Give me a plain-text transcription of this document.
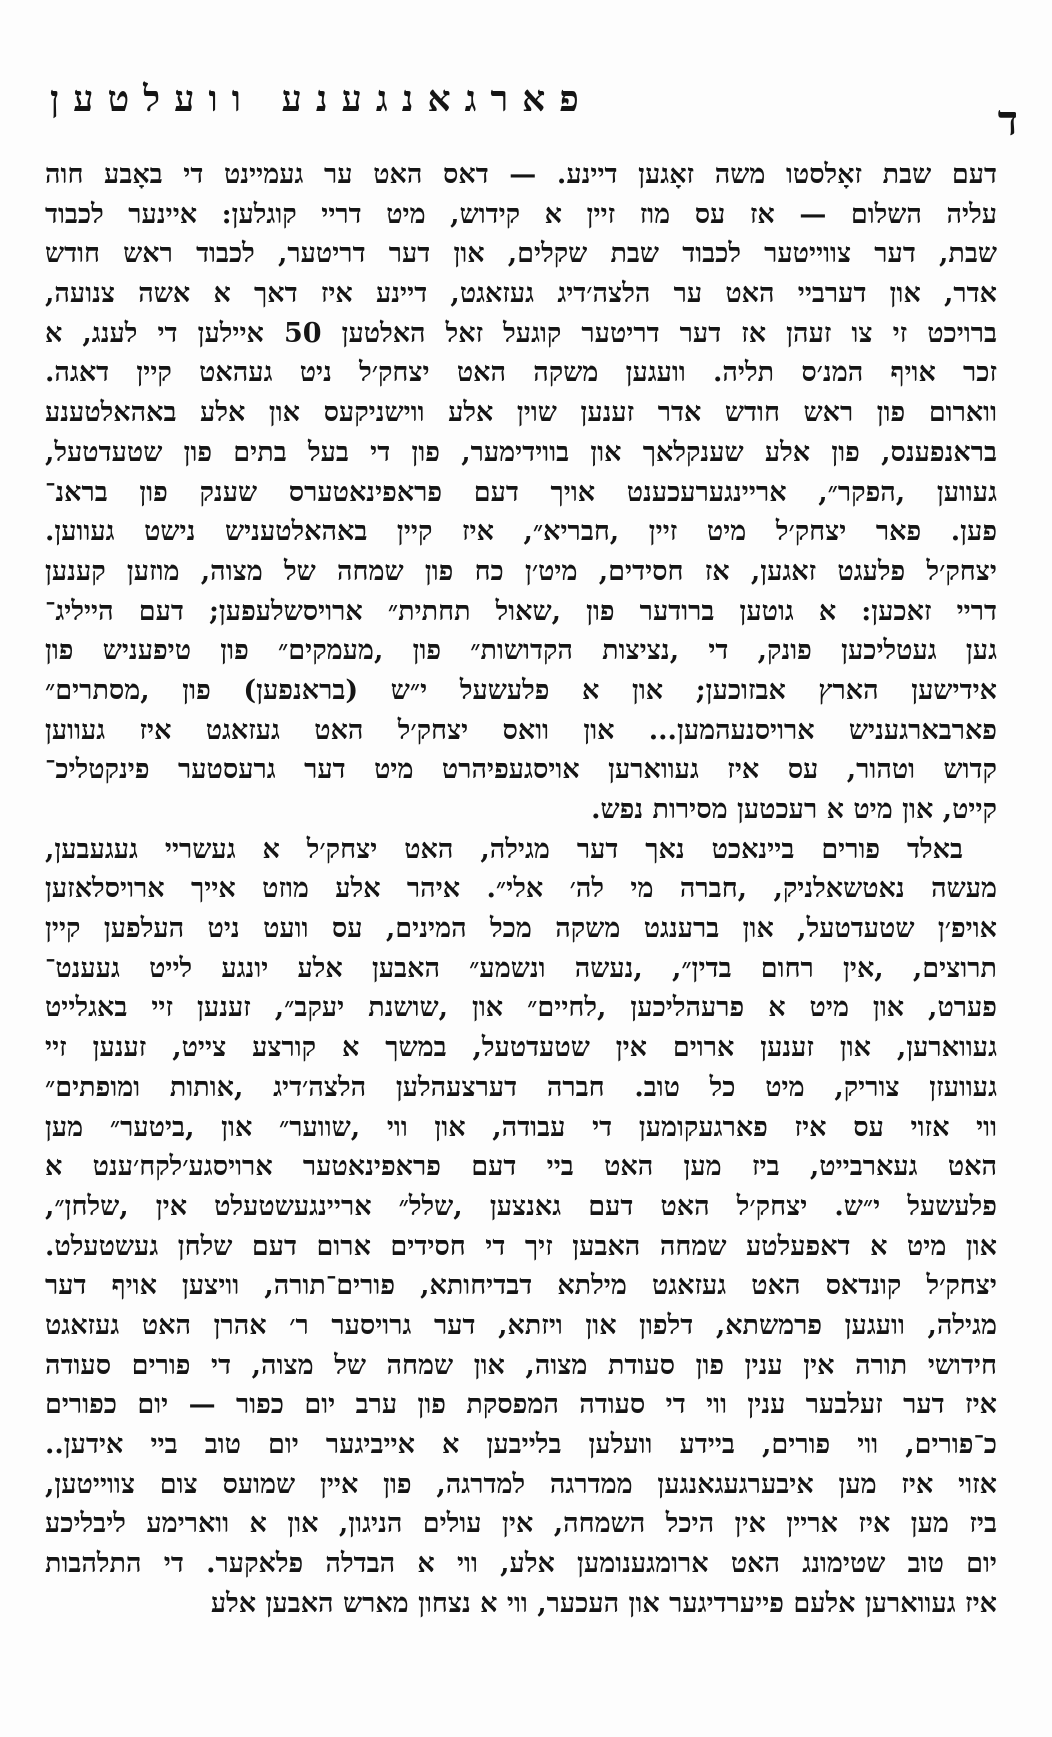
ד
פארגאנגענע וועלטען
דעם שבת זאָלסטו משה זאָגען דיינע. — דאס האט ער געמיינט די באָבע חוה
עליה השלום — אז עס מוז זיין א קידוש, מיט דריי קוגלען: איינער לכבוד
שבת, דער צווייטער לכבוד שבת שקלים, און דער דריטער, לכבוד ראש חודש
אדר, און דערביי האט ער הלצה׳דיג געזאגט, דיינע איז דאך א אשה צנועה,
ברויכט זי צו זעהן אז דער דריטער קוגעל זאל האלטען 50 איילען די לענג, א
זכר אויף המנ׳ס תליה. וועגען משקה האט יצחק׳ל ניט געהאט קיין דאגה.
ווארום פון ראש חודש אדר זענען שוין אלע ווישניקעס און אלע באהאלטענע
בראנפענס, פון אלע שענקלאך און בווידימער, פון די בעל בתים פון שטעדטעל,
געווען ,הפקר״, אריינגערעכענט אויך דעם פראפינאטערס שענק פון בראנ־
פען. פאר יצחק׳ל מיט זיין ,חבריא״, איז קיין באהאלטעניש נישט געווען.
יצחק׳ל פלעגט זאגען, אז חסידים, מיט׳ן כח פון שמחה של מצוה, מוזען קענען
דריי זאכען: א גוטען ברודער פון ,שאול תחתית״ ארויסשלעפען; דעם הייליג־
גען געטליכען פונק, די ,נציצות הקדושות״ פון ,מעמקים״ פון טיפעניש פון
אידישען הארץ אבזוכען; און א פלעשעל י״ש (בראנפען) פון ,מסתרים״
פארבארגעניש ארויסנעהמען... און וואס יצחק׳ל האט געזאגט איז געווען
קדוש וטהור, עס איז געווארען אויסגעפיהרט מיט דער גרעסטער פינקטליכ־
קייט, און מיט א רעכטען מסירות נפש.
באלד פורים ביינאכט נאך דער מגילה, האט יצחק׳ל א געשריי געגעבען,
מעשה נאטשאלניק, ,חברה מי לה׳ אלי״. איהר אלע מוזט אייך ארויסלאזען
אויפ׳ן שטעדטעל, און ברענגט משקה מכל המינים, עס וועט ניט העלפען קיין
תרוצים, ,אין רחום בדין״, ,נעשה ונשמע״ האבען אלע יונגע לייט געענט־
פערט, און מיט א פרעהליכען ,לחיים״ און ,שושנת יעקב״, זענען זיי באגלייט
געווארען, און זענען ארוים אין שטעדטעל, במשך א קורצע צייט, זענען זיי
געוועזן צוריק, מיט כל טוב. חברה דערצעהלען הלצה׳דיג ,אותות ומופתים״
ווי אזוי עס איז פארגעקומען די עבודה, און ווי ,שווער״ און ,ביטער״ מען
האט געארבייט, ביז מען האט ביי דעם פראפינאטער ארויסגע׳לקח׳ענט א
פלעשעל י״ש. יצחק׳ל האט דעם גאנצען ,שלל״ אריינגעשטעלט אין ,שלחן״,
און מיט א דאפעלטע שמחה האבען זיך די חסידים ארום דעם שלחן געשטעלט.
יצחק׳ל קונדאס האט געזאגט מילתא דבדיחותא, פורים־תורה, וויצען אויף דער
מגילה, וועגען פרמשתא, דלפון און ויזתא, דער גרויסער ר׳ אהרן האט געזאגט
חידושי תורה אין ענין פון סעודת מצוה, און שמחה של מצוה, די פורים סעודה
איז דער זעלבער ענין ווי די סעודה המפסקת פון ערב יום כפור — יום כפורים
כ־פורים, ווי פורים, ביידע וועלען בלייבען א אייביגער יום טוב ביי אידען..
אזוי איז מען איבערגעגאנגען ממדרגה למדרגה, פון איין שמועס צום צווייטען,
ביז מען איז אריין אין היכל השמחה, אין עולים הניגון, און א ווארימע ליבליכע
יום טוב שטימונג האט ארומגענומען אלע, ווי א הבדלה פלאקער. די התלהבות
איז געווארען אלעם פייערדיגער און העכער, ווי א נצחון מארש האבען אלע
